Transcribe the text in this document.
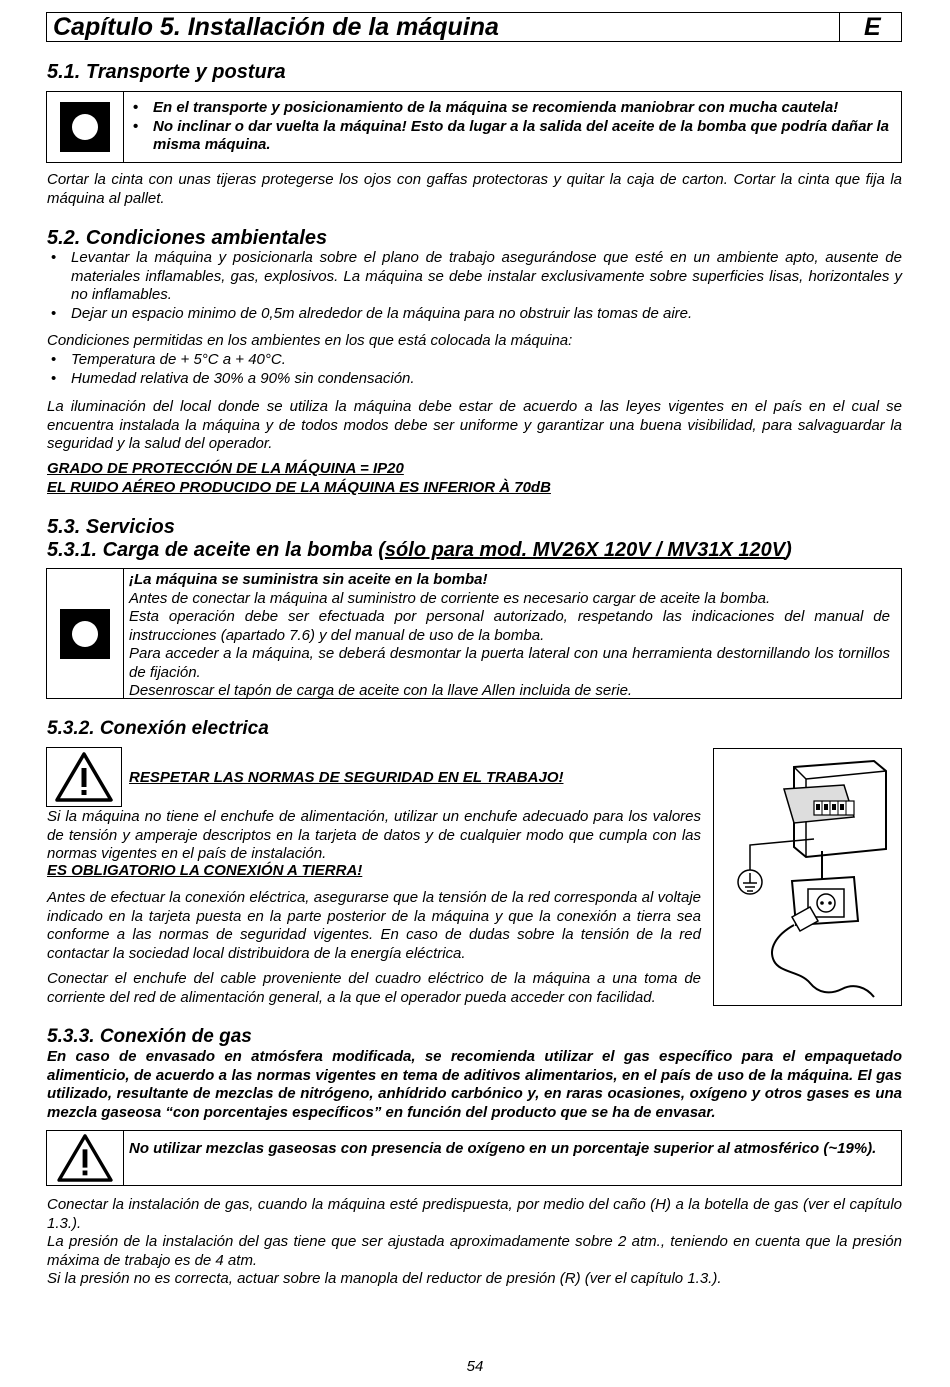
Capítulo 5. Installación de la máquina	E
5.1. Transporte y postura
• En el transporte y posicionamiento de la máquina se recomienda maniobrar con mucha cautela!
• No inclinar o dar vuelta la máquina! Esto da lugar a la salida del aceite de la bomba que podría dañar la misma máquina.

Cortar la cinta con unas tijeras protegerse los ojos con gaffas protectoras y quitar la caja de carton. Cortar la cinta que fija la máquina al pallet.

5.2. Condiciones ambientales
• Levantar la máquina y posicionarla sobre el plano de trabajo asegurándose que esté en un ambiente apto, ausente de materiales inflamables, gas, explosivos. La máquina se debe instalar exclusivamente sobre superficies lisas, horizontales y no inflamables.
• Dejar un espacio minimo de 0,5m alrededor de la máquina para no obstruir las tomas de aire.

Condiciones permitidas en los ambientes en los que está colocada la máquina:

• Temperatura de + 5°C a + 40°C.
• Humedad relativa de 30% a 90% sin condensación.

La iluminación del local donde se utiliza la máquina debe estar de acuerdo a las leyes vigentes en el país en el cual se encuentra instalada la máquina y de todos modos debe ser uniforme y garantizar una buena visibilidad, para salvaguardar la seguridad y la salud del operador.

GRADO DE PROTECCIÓN DE LA MÁQUINA = IP20
EL RUIDO AÉREO PRODUCIDO DE LA MÁQUINA ES INFERIOR À 70dB
5.3. Servicios
5.3.1. Carga de aceite en la bomba (sólo para mod. MV26X 120V / MV31X 120V)
¡La máquina se suministra sin aceite en la bomba!
Antes de conectar la máquina al suministro de corriente es necesario cargar de aceite la bomba.
Esta operación debe ser efectuada por personal autorizado, respetando las indicaciones del manual de instrucciones (apartado 7.6) y del manual de uso de la bomba.
Para acceder a la máquina, se deberá desmontar la puerta lateral con una herramienta destornillando los tornillos de fijación.
Desenroscar el tapón de carga de aceite con la llave Allen incluida de serie.
5.3.2. Conexión electrica
RESPETAR LAS NORMAS DE SEGURIDAD EN EL TRABAJO!

Si la máquina no tiene el enchufe de alimentación, utilizar un enchufe adecuado para los valores de tensión y amperaje descriptos en la tarjeta de datos y de cualquier modo que cumpla con las normas vigentes en el país de instalación.

ES OBLIGATORIO LA CONEXIÓN A TIERRA!

Antes de efectuar la conexión eléctrica, asegurarse que la tensión de la red corresponda al voltaje indicado en la tarjeta puesta en la parte posterior de la máquina y que la conexión a tierra sea conforme a las normas de seguridad vigentes. En caso de dudas sobre la tensión de la red contactar la sociedad local distribuidora de la energía eléctrica.

Conectar el enchufe del cable proveniente del cuadro eléctrico de la máquina a una toma de corriente del red de alimentación general, a la que el operador pueda acceder con facilidad.

5.3.3. Conexión de gas

En caso de envasado en atmósfera modificada, se recomienda utilizar el gas específico para el empaquetado alimenticio, de acuerdo a las normas vigentes en tema de aditivos alimentarios, en el país de uso de la máquina. El gas utilizado, resultante de mezclas de nitrógeno, anhídrido carbónico y, en raras ocasiones, oxígeno y otros gases es una mezcla gaseosa “con porcentajes específicos” en función del producto que se ha de envasar.

No utilizar mezclas gaseosas con presencia de oxígeno en un porcentaje superior al atmosférico (~19%).

Conectar la instalación de gas, cuando la máquina esté predispuesta, por medio del caño (H) a la botella de gas (ver el capítulo 1.3.).
La presión de la instalación del gas tiene que ser ajustada aproximadamente sobre 2 atm., teniendo en cuenta que la presión máxima de trabajo es de 4 atm.
Si la presión no es correcta, actuar sobre la manopla del reductor de presión (R) (ver el capítulo 1.3.).
54
